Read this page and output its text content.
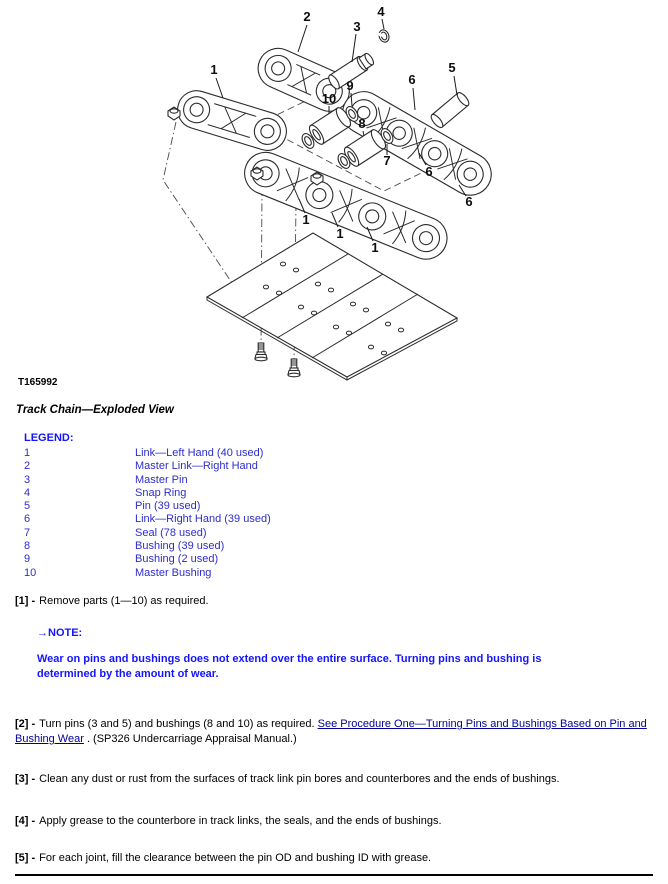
2
3
4
1	5
6
9
10
8
7
6
6
1
1
1
T165992
Track Chain—Exploded View
LEGEND:
1	Link—Left Hand (40 used)
2	Master Link—Right Hand
3	Master Pin
4	Snap Ring
5	Pin (39 used)
6	Link—Right Hand (39 used)
7	Seal (78 used)
8	Bushing (39 used)
9	Bushing (2 used)
10	Master Bushing

[1] - Remove parts (1—10) as required.

→NOTE:
Wear on pins and bushings does not extend over the entire surface. Turning pins and bushing is determined by the amount of wear.

[2] - Turn pins (3 and 5) and bushings (8 and 10) as required. See Procedure One—Turning Pins and Bushings Based on Pin and Bushing Wear . (SP326 Undercarriage Appraisal Manual.)

[3] - Clean any dust or rust from the surfaces of track link pin bores and counterbores and the ends of bushings.

[4] - Apply grease to the counterbore in track links, the seals, and the ends of bushings.

[5] - For each joint, fill the clearance between the pin OD and bushing ID with grease.
